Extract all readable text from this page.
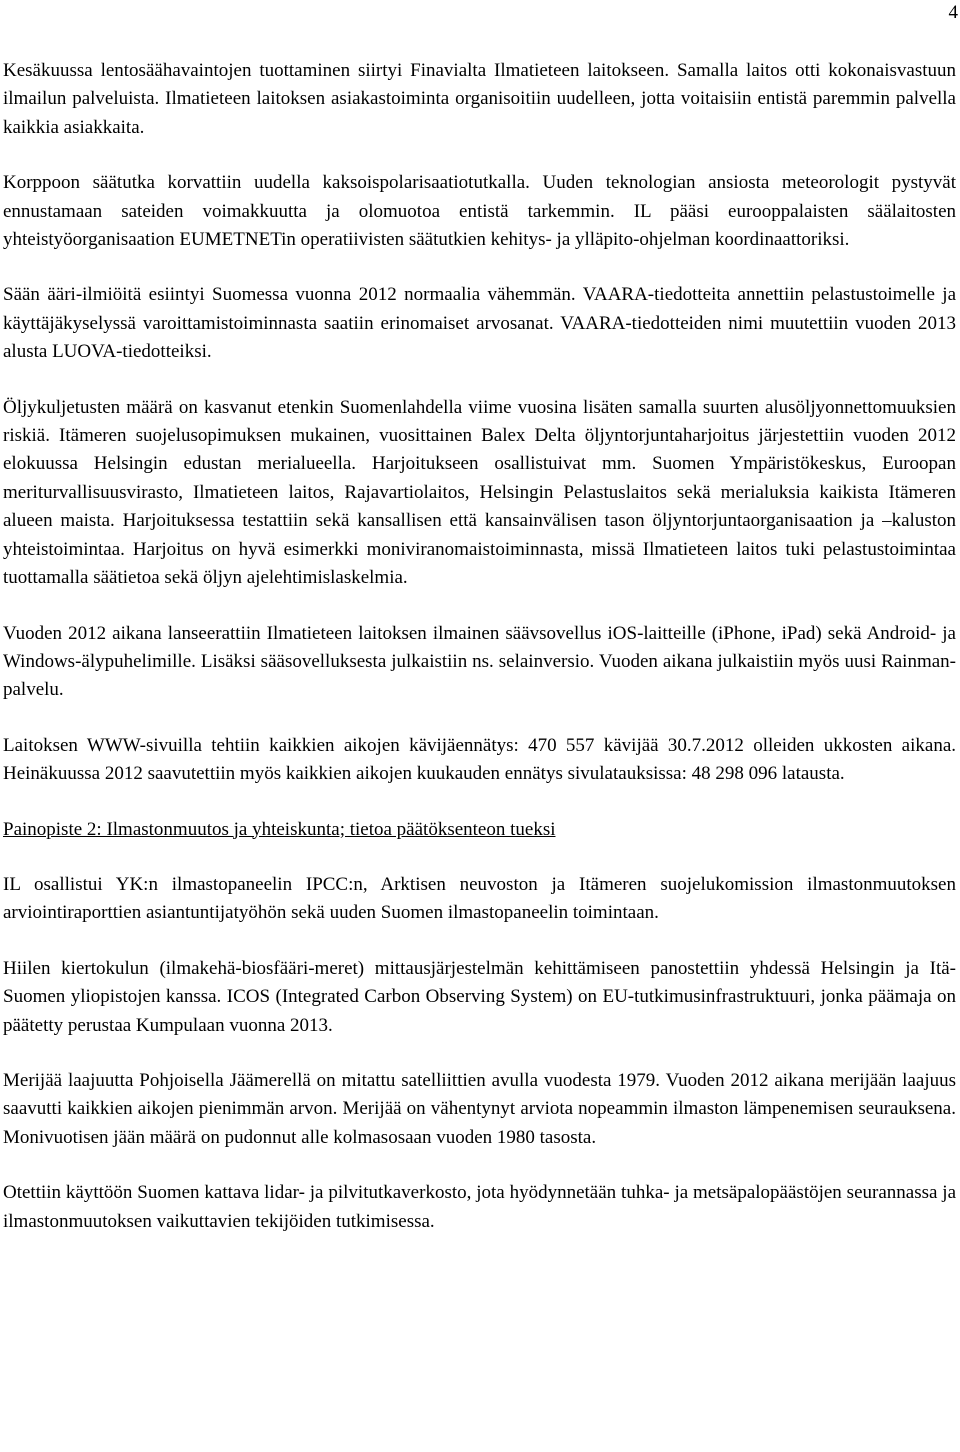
4

Kesäkuussa lentosäähavaintojen tuottaminen siirtyi Finavialta Ilmatieteen laitokseen. Samalla laitos otti kokonaisvastuun ilmailun palveluista. Ilmatieteen laitoksen asiakastoiminta organisoitiin uudelleen, jotta voitaisiin entistä paremmin palvella kaikkia asiakkaita.

Korppoon säätutka korvattiin uudella kaksoispolarisaatiotutkalla. Uuden teknologian ansiosta meteorologit pystyvät ennustamaan sateiden voimakkuutta ja olomuotoa entistä tarkemmin. IL pääsi eurooppalaisten säälaitosten yhteistyöorganisaation EUMETNETin operatiivisten säätutkien kehitys- ja ylläpito-ohjelman koordinaattoriksi.

Sään ääri-ilmiöitä esiintyi Suomessa vuonna 2012 normaalia vähemmän. VAARA-tiedotteita annettiin pelastustoimelle ja käyttäjäkyselyssä varoittamistoiminnasta saatiin erinomaiset arvosanat. VAARA-tiedotteiden nimi muutettiin vuoden 2013 alusta LUOVA-tiedotteiksi.

Öljykuljetusten määrä on kasvanut etenkin Suomenlahdella viime vuosina lisäten samalla suurten alusöljyonnettomuuksien riskiä. Itämeren suojelusopimuksen mukainen, vuosittainen Balex Delta öljyntorjuntaharjoitus järjestettiin vuoden 2012 elokuussa Helsingin edustan merialueella. Harjoitukseen osallistuivat mm. Suomen Ympäristökeskus, Euroopan meriturvallisuusvirasto, Ilmatieteen laitos, Rajavartiolaitos, Helsingin Pelastuslaitos sekä merialuksia kaikista Itämeren alueen maista. Harjoituksessa testattiin sekä kansallisen että kansainvälisen tason öljyntorjuntaorganisaation ja –kaluston yhteistoimintaa. Harjoitus on hyvä esimerkki moniviranomaistoiminnasta, missä Ilmatieteen laitos tuki pelastustoimintaa tuottamalla säätietoa sekä öljyn ajelehtimislaskelmia.

Vuoden 2012 aikana lanseerattiin Ilmatieteen laitoksen ilmainen säävsovellus iOS-laitteille (iPhone, iPad) sekä Android- ja Windows-älypuhelimille. Lisäksi sääsovelluksesta julkaistiin ns. selainversio. Vuoden aikana julkaistiin myös uusi Rainman-palvelu.

Laitoksen WWW-sivuilla tehtiin kaikkien aikojen kävijäennätys: 470 557 kävijää 30.7.2012 olleiden ukkosten aikana. Heinäkuussa 2012 saavutettiin myös kaikkien aikojen kuukauden ennätys sivulatauksissa: 48 298 096 latausta.

Painopiste 2: Ilmastonmuutos ja yhteiskunta; tietoa päätöksenteon tueksi

IL osallistui YK:n ilmastopaneelin IPCC:n, Arktisen neuvoston ja Itämeren suojelukomission ilmastonmuutoksen arviointiraporttien asiantuntijatyöhön sekä uuden Suomen ilmastopaneelin toimintaan.

Hiilen kiertokulun (ilmakehä-biosfääri-meret) mittausjärjestelmän kehittämiseen panostettiin yhdessä Helsingin ja Itä-Suomen yliopistojen kanssa. ICOS (Integrated Carbon Observing System) on EU-tutkimusinfrastruktuuri, jonka päämaja on päätetty perustaa Kumpulaan vuonna 2013.

Merijää laajuutta Pohjoisella Jäämerellä on mitattu satelliittien avulla vuodesta 1979. Vuoden 2012 aikana merijään laajuus saavutti kaikkien aikojen pienimmän arvon. Merijää on vähentynyt arviota nopeammin ilmaston lämpenemisen seurauksena. Monivuotisen jään määrä on pudonnut alle kolmasosaan vuoden 1980 tasosta.

Otettiin käyttöön Suomen kattava lidar- ja pilvitutkaverkosto, jota hyödynnetään tuhka- ja metsäpalopäästöjen seurannassa ja ilmastonmuutoksen vaikuttavien tekijöiden tutkimisessa.
